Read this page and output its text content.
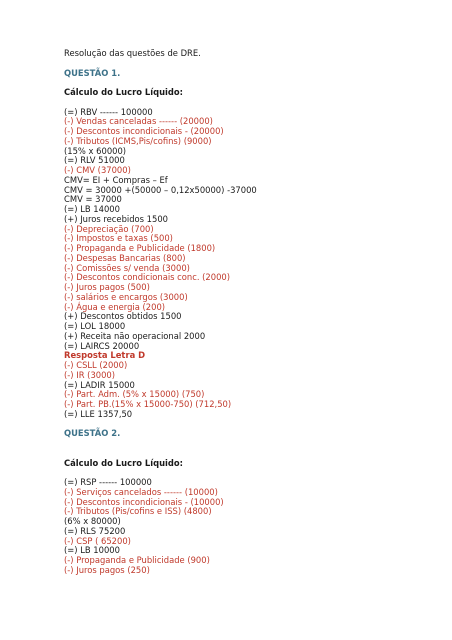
Resolução das questões de DRE.
QUESTÃO 1.
Cálculo do Lucro Líquido:
(=) RBV ------ 100000
(-) Vendas canceladas ------ (20000)
(-) Descontos incondicionais - (20000)
(-) Tributos (ICMS,Pis/cofins) (9000)
(15% x 60000)
(=) RLV 51000
(-) CMV (37000)
CMV= EI + Compras – Ef
CMV = 30000 +(50000 – 0,12x50000) -37000
CMV = 37000
(=) LB 14000
(+) Juros recebidos 1500
(-) Depreciação (700)
(-) Impostos e taxas (500)
(-) Propaganda e Publicidade (1800)
(-) Despesas Bancarias (800)
(-) Comissões s/ venda (3000)
(-) Descontos condicionais conc. (2000)
(-) Juros pagos (500)
(-) salários e encargos (3000)
(-) Água e energia (200)
(+) Descontos obtidos 1500
(=) LOL 18000
(+) Receita não operacional 2000
(=) LAIRCS 20000
Resposta Letra D
(-) CSLL (2000)
(-) IR (3000)
(=) LADIR 15000
(-) Part. Adm. (5% x 15000) (750)
(-) Part. PB.(15% x 15000-750) (712,50)
(=) LLE 1357,50
QUESTÃO 2.
Cálculo do Lucro Líquido:
(=) RSP ------ 100000
(-) Serviços cancelados ------ (10000)
(-) Descontos incondicionais - (10000)
(-) Tributos (Pis/cofins e ISS) (4800)
(6% x 80000)
(=) RLS 75200
(-) CSP ( 65200)
(=) LB 10000
(-) Propaganda e Publicidade (900)
(-) Juros pagos (250)
